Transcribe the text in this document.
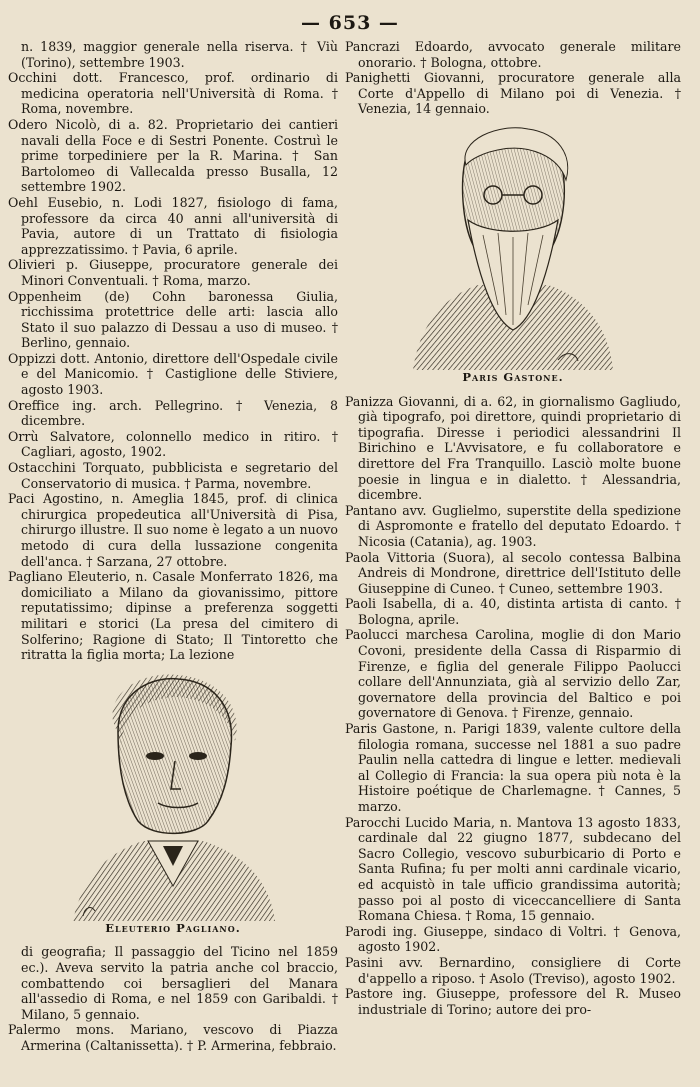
— 653 —
n. 1839, maggior generale nella riserva. † Viù (Torino), settembre 1903.
Occhini dott. Francesco, prof. ordinario di medicina operatoria nell'Università di Roma. † Roma, novembre.
Odero Nicolò, di a. 82. Proprietario dei cantieri navali della Foce e di Sestri Ponente. Costruì le prime torpediniere per la R. Marina. † San Bartolomeo di Vallecalda presso Busalla, 12 settembre 1902.
Oehl Eusebio, n. Lodi 1827, fisiologo di fama, professore da circa 40 anni all'università di Pavia, autore di un Trattato di fisiologia apprezzatissimo. † Pavia, 6 aprile.
Olivieri p. Giuseppe, procuratore generale dei Minori Conventuali. † Roma, marzo.
Oppenheim (de) Cohn baronessa Giulia, ricchissima protettrice delle arti: lascia allo Stato il suo palazzo di Dessau a uso di museo. † Berlino, gennaio.
Oppizzi dott. Antonio, direttore dell'Ospedale civile e del Manicomio. † Castiglione delle Stiviere, agosto 1903.
Oreffice ing. arch. Pellegrino. † Venezia, 8 dicembre.
Orrù Salvatore, colonnello medico in ritiro. † Cagliari, agosto, 1902.
Ostacchini Torquato, pubblicista e segretario del Conservatorio di musica. † Parma, novembre.
Paci Agostino, n. Ameglia 1845, prof. di clinica chirurgica propedeutica all'Università di Pisa, chirurgo illustre. Il suo nome è legato a un nuovo metodo di cura della lussazione congenita dell'anca. † Sarzana, 27 ottobre.
Pagliano Eleuterio, n. Casale Monferrato 1826, ma domiciliato a Milano da giovanissimo, pittore reputatissimo; dipinse a preferenza soggetti militari e storici (La presa del cimitero di Solferino; Ragione di Stato; Il Tintoretto che ritratta la figlia morta; La lezione
Eleuterio Pagliano.
di geografia; Il passaggio del Ticino nel 1859 ec.). Aveva servito la patria anche col braccio, combattendo coi bersaglieri del Manara all'assedio di Roma, e nel 1859 con Garibaldi. † Milano, 5 gennaio.
Palermo mons. Mariano, vescovo di Piazza Armerina (Caltanissetta). † P. Armerina, febbraio.
Pancrazi Edoardo, avvocato generale militare onorario. † Bologna, ottobre.
Panighetti Giovanni, procuratore generale alla Corte d'Appello di Milano poi di Venezia. † Venezia, 14 gennaio.
Paris Gastone.
Panizza Giovanni, di a. 62, in giornalismo Gagliudo, già tipografo, poi direttore, quindi proprietario di tipografia. Diresse i periodici alessandrini Il Birichino e L'Avvisatore, e fu collaboratore e direttore del Fra Tranquillo. Lasciò molte buone poesie in lingua e in dialetto. † Alessandria, dicembre.
Pantano avv. Guglielmo, superstite della spedizione di Aspromonte e fratello del deputato Edoardo. † Nicosia (Catania), ag. 1903.
Paola Vittoria (Suora), al secolo contessa Balbina Andreis di Mondrone, direttrice dell'Istituto delle Giuseppine di Cuneo. † Cuneo, settembre 1903.
Paoli Isabella, di a. 40, distinta artista di canto. † Bologna, aprile.
Paolucci marchesa Carolina, moglie di don Mario Covoni, presidente della Cassa di Risparmio di Firenze, e figlia del generale Filippo Paolucci collare dell'Annunziata, già al servizio dello Zar, governatore della provincia del Baltico e poi governatore di Genova. † Firenze, gennaio.
Paris Gastone, n. Parigi 1839, valente cultore della filologia romana, successe nel 1881 a suo padre Paulin nella cattedra di lingue e letter. medievali al Collegio di Francia: la sua opera più nota è la Histoire poétique de Charlemagne. † Cannes, 5 marzo.
Parocchi Lucido Maria, n. Mantova 13 agosto 1833, cardinale dal 22 giugno 1877, subdecano del Sacro Collegio, vescovo suburbicario di Porto e Santa Rufina; fu per molti anni cardinale vicario, ed acquistò in tale ufficio grandissima autorità; passo poi al posto di viceccancelliere di Santa Romana Chiesa. † Roma, 15 gennaio.
Parodi ing. Giuseppe, sindaco di Voltri. † Genova, agosto 1902.
Pasini avv. Bernardino, consigliere di Corte d'appello a riposo. † Asolo (Treviso), agosto 1902.
Pastore ing. Giuseppe, professore del R. Museo industriale di Torino; autore dei pro-
